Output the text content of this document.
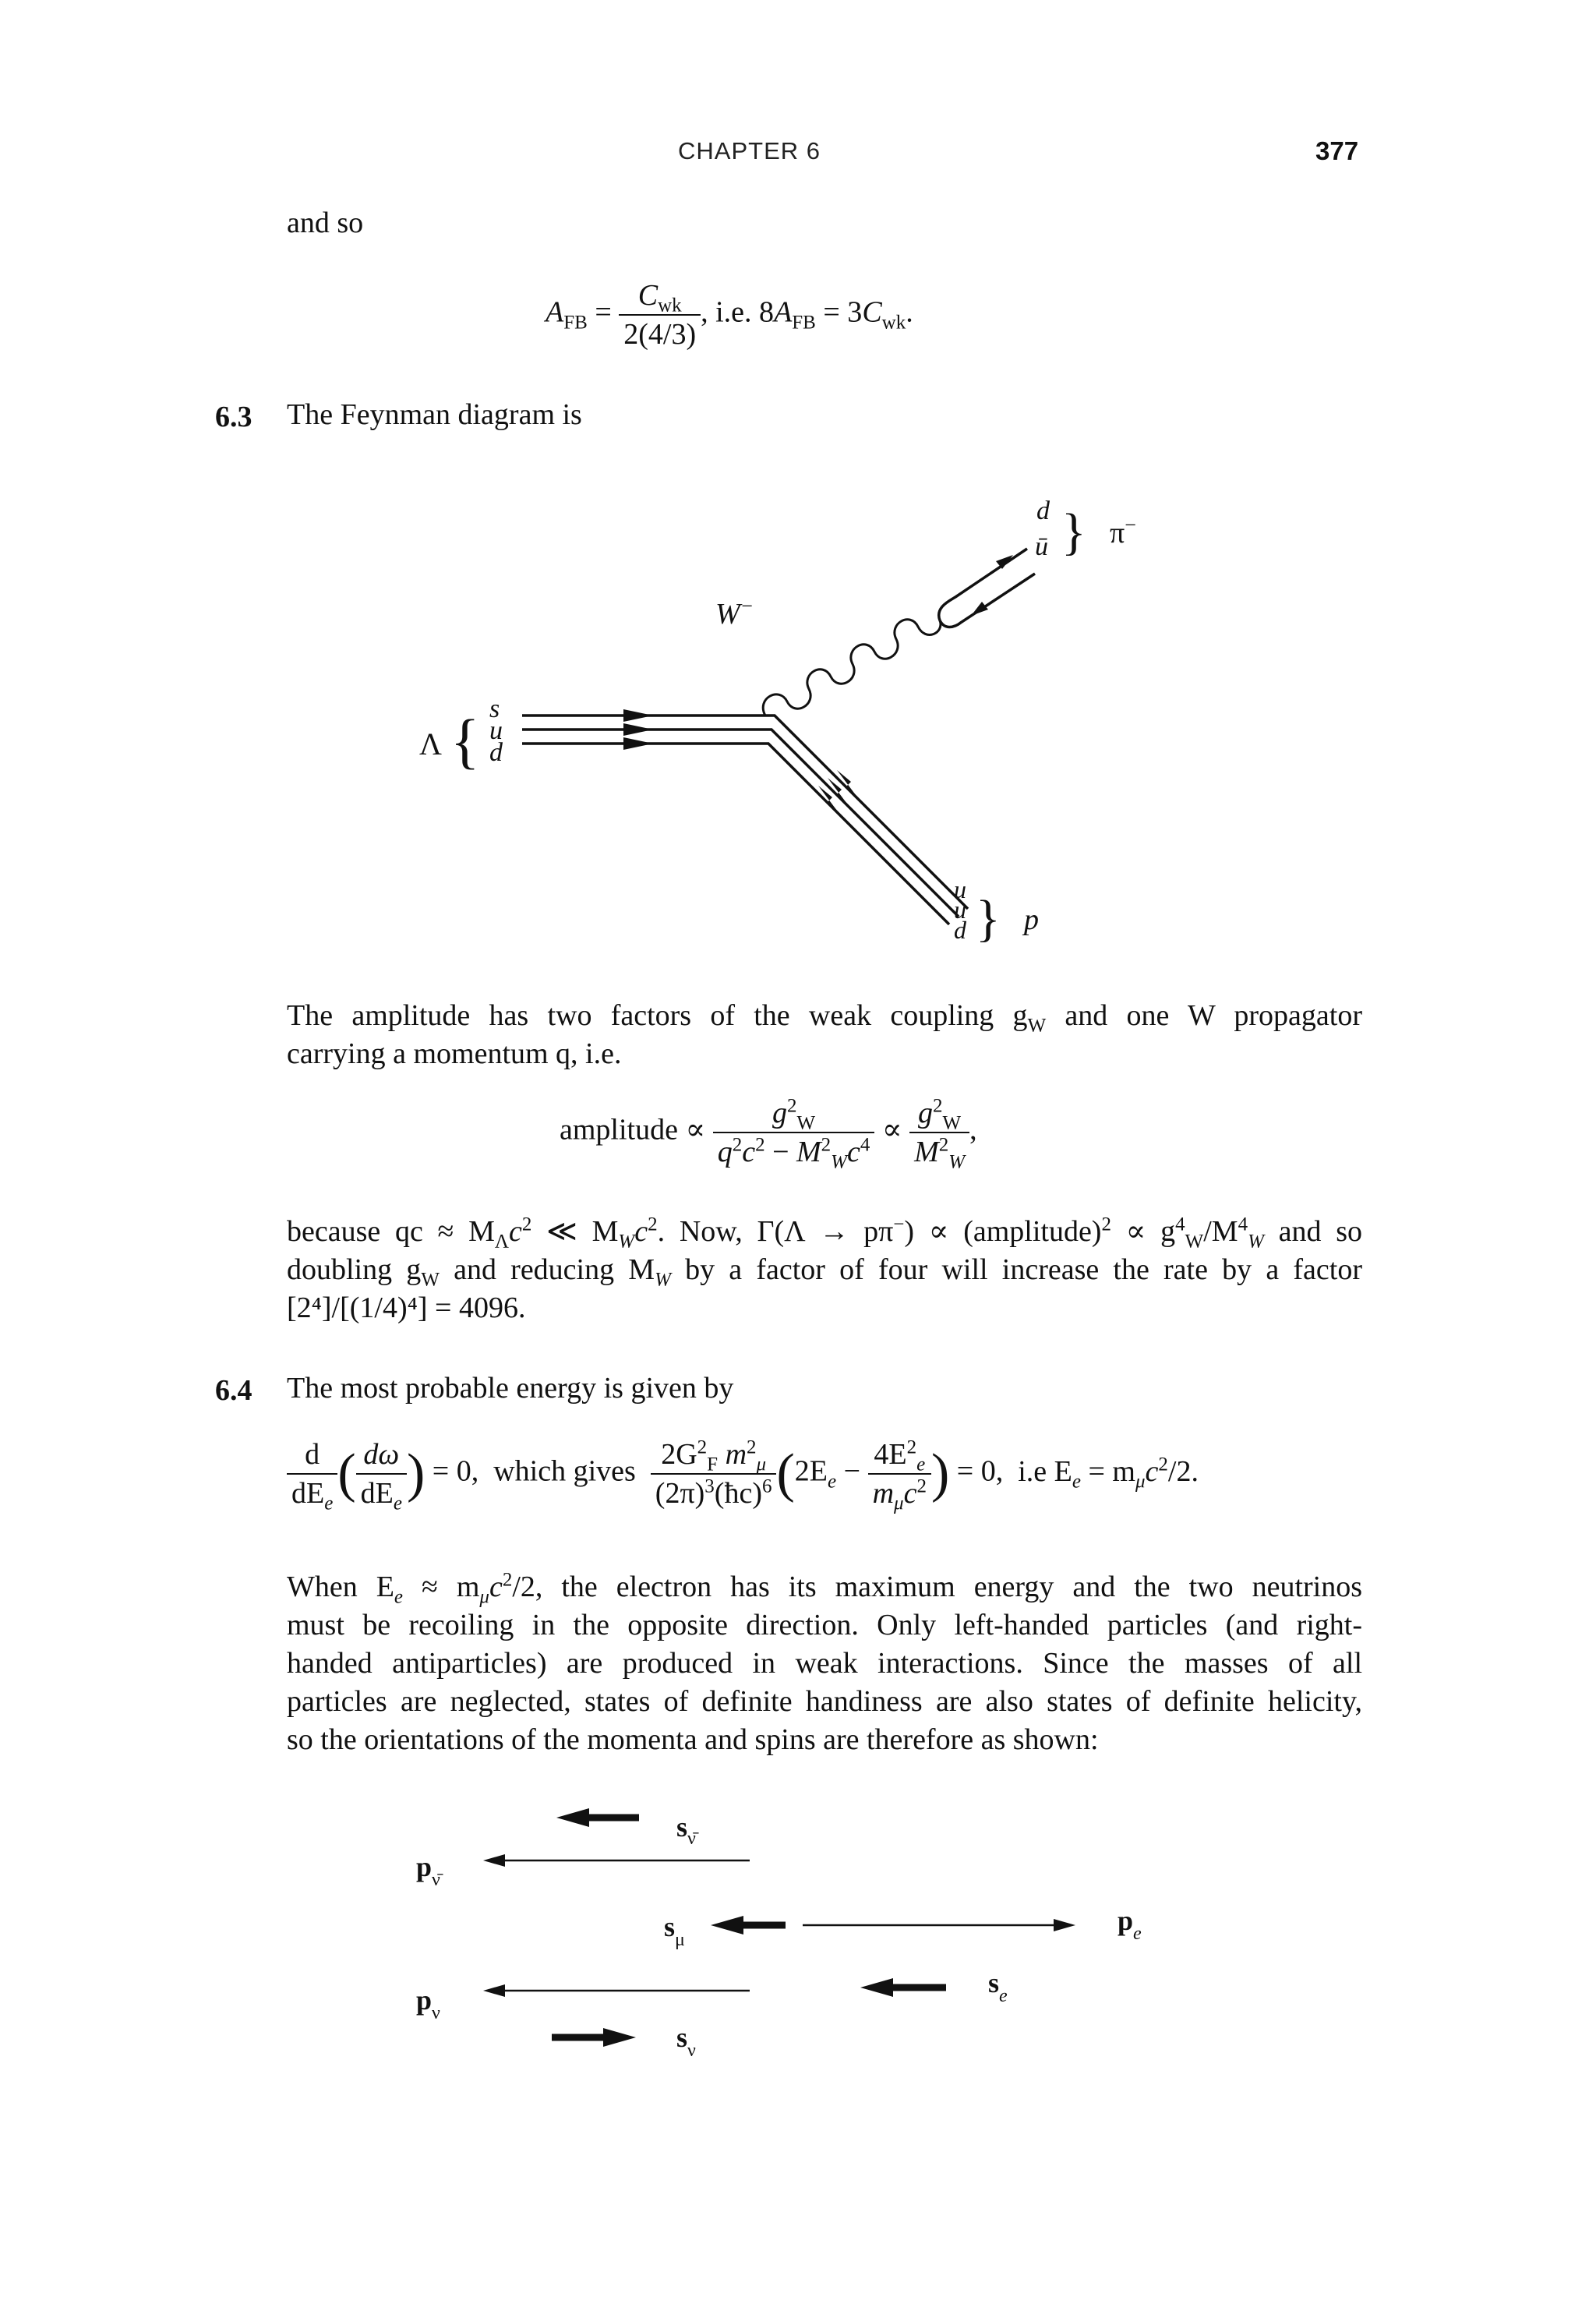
CHAPTER 6	377
and so
$A_{FB} = \frac{C_{wk}}{2(4/3)}$ , i.e. $8A_{FB} = 3C_{wk}$.
6.3 The Feynman diagram is
Λ { s
u
d
W−
d
ū } π−
u
u
d } p
The amplitude has two factors of the weak coupling $g_W$ and one W propagator
carrying a momentum q, i.e.
amplitude ∝ $\frac{g^2_W}{q^2c^2 - M^2_Wc^4} \propto \frac{g^2_W}{M^2_W}$ ,
because qc ≈ $M_\Lambda c^2$ ≪ $M_Wc^2$. Now, Γ(Λ → pπ−) ∝ (amplitude)$^2$ ∝ $g^4_W/M^4_W$ and so
doubling $g_W$ and reducing $M_W$ by a factor of four will increase the rate by a factor
[2⁴]/[(1/4)⁴] = 4096.
6.4 The most probable energy is given by
$\frac{d}{dE_e}$ ( $\frac{d\omega}{dE_e}$ ) = 0, which gives $\frac{2G^2_F m^2_\mu}{(2\pi)^3(ħc)^6} (2E_e - \frac{4E^2_e}{m_\mu c^2}$ ) = 0, i.e $E_e = m_\mu c^2/2$.
When $E_e \approx m_\mu c^2/2$, the electron has its maximum energy and the two neutrinos
must be recoiling in the opposite direction. Only left-handed particles (and right-
handed antiparticles) are produced in weak interactions. Since the masses of all
particles are neglected, states of definite handiness are also states of definite helicity,
so the orientations of the momenta and spins are therefore as shown:
$s_{\nū}$
$p_{\nū}$
$s_\mu$
$p_e$
$p_\nu$
$s_e$
$s_\nu$
